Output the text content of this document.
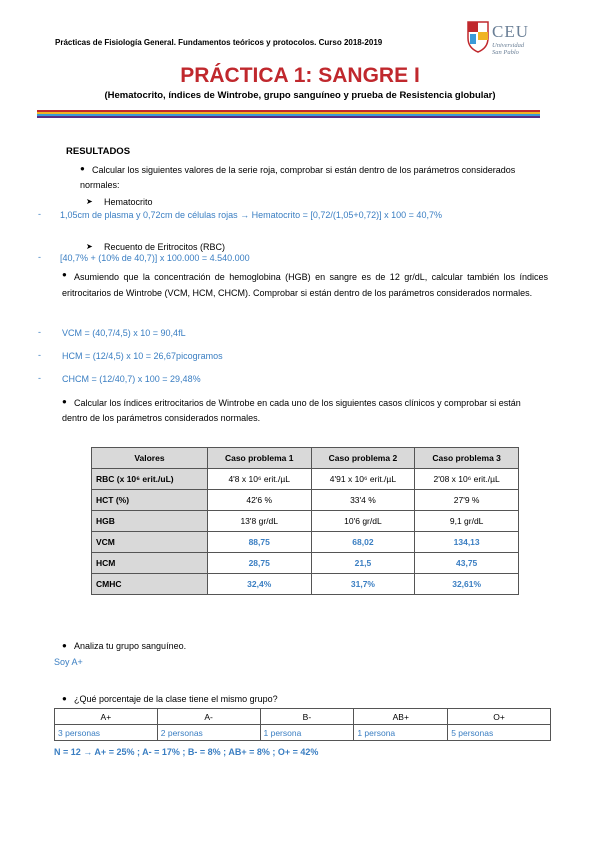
Prácticas de Fisiología General. Fundamentos teóricos y protocolos. Curso 2018-2019
CEU
Universidad
San Pablo
PRÁCTICA 1: SANGRE I
(Hematocrito, índices de Wintrobe, grupo sanguíneo y prueba de Resistencia globular)
RESULTADOS
● Calcular los siguientes valores de la serie roja, comprobar si están dentro de los parámetros considerados normales:
➤ Hematocrito
- 1,05cm de plasma y 0,72cm de células rojas → Hematocrito = [0,72/(1,05+0,72)] x 100 = 40,7%
➤ Recuento de Eritrocitos (RBC)
- [40,7% + (10% de 40,7)] x 100.000 = 4.540.000
● Asumiendo que la concentración de hemoglobina (HGB) en sangre es de 12 gr/dL, calcular también los índices eritrocitarios de Wintrobe (VCM, HCM, CHCM). Comprobar si están dentro de los parámetros considerados normales.
- VCM = (40,7/4,5) x 10 = 90,4fL
- HCM = (12/4,5) x 10 = 26,67picogramos
- CHCM = (12/40,7) x 100 = 29,48%
● Calcular los índices eritrocitarios de Wintrobe en cada uno de los siguientes casos clínicos y comprobar si están dentro de los parámetros considerados normales.
Valores	Caso problema 1	Caso problema 2	Caso problema 3
RBC (x 10⁶ erit./uL)	4'8 x 10⁶ erit./µL	4'91 x 10⁶ erit./µL	2'08 x 10⁶ erit./µL
HCT (%)	42'6 %	33'4 %	27'9 %
HGB	13'8 gr/dL	10'6 gr/dL	9,1 gr/dL
VCM	88,75	68,02	134,13
HCM	28,75	21,5	43,75
CMHC	32,4%	31,7%	32,61%
● Analiza tu grupo sanguíneo.
Soy A+
● ¿Qué porcentaje de la clase tiene el mismo grupo?
A+	A-	B-	AB+	O+
3 personas	2 personas	1 persona	1 persona	5 personas
N = 12 → A+ = 25% ; A- = 17% ; B- = 8% ; AB+ = 8% ; O+ = 42%
